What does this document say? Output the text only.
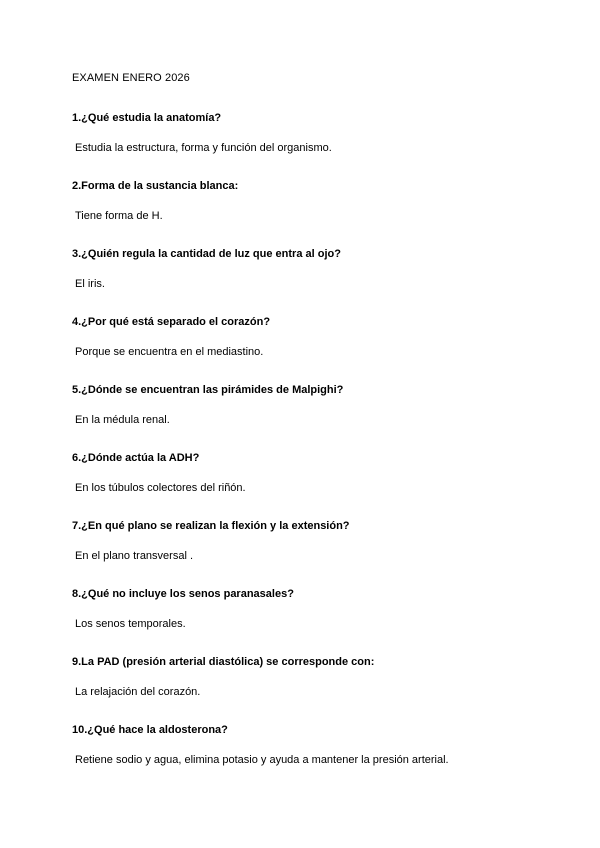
EXAMEN ENERO 2026
1.¿Qué estudia la anatomía?
Estudia la estructura, forma y función del organismo.
2.Forma de la sustancia blanca:
Tiene forma de H.
3.¿Quién regula la cantidad de luz que entra al ojo?
El iris.
4.¿Por qué está separado el corazón?
Porque se encuentra en el mediastino.
5.¿Dónde se encuentran las pirámides de Malpighi?
En la médula renal.
6.¿Dónde actúa la ADH?
En los túbulos colectores del riñón.
7.¿En qué plano se realizan la flexión y la extensión?
En el plano transversal .
8.¿Qué no incluye los senos paranasales?
Los senos temporales.
9.La PAD (presión arterial diastólica) se corresponde con:
La relajación del corazón.
10.¿Qué hace la aldosterona?
Retiene sodio y agua, elimina potasio y ayuda a mantener la presión arterial.
